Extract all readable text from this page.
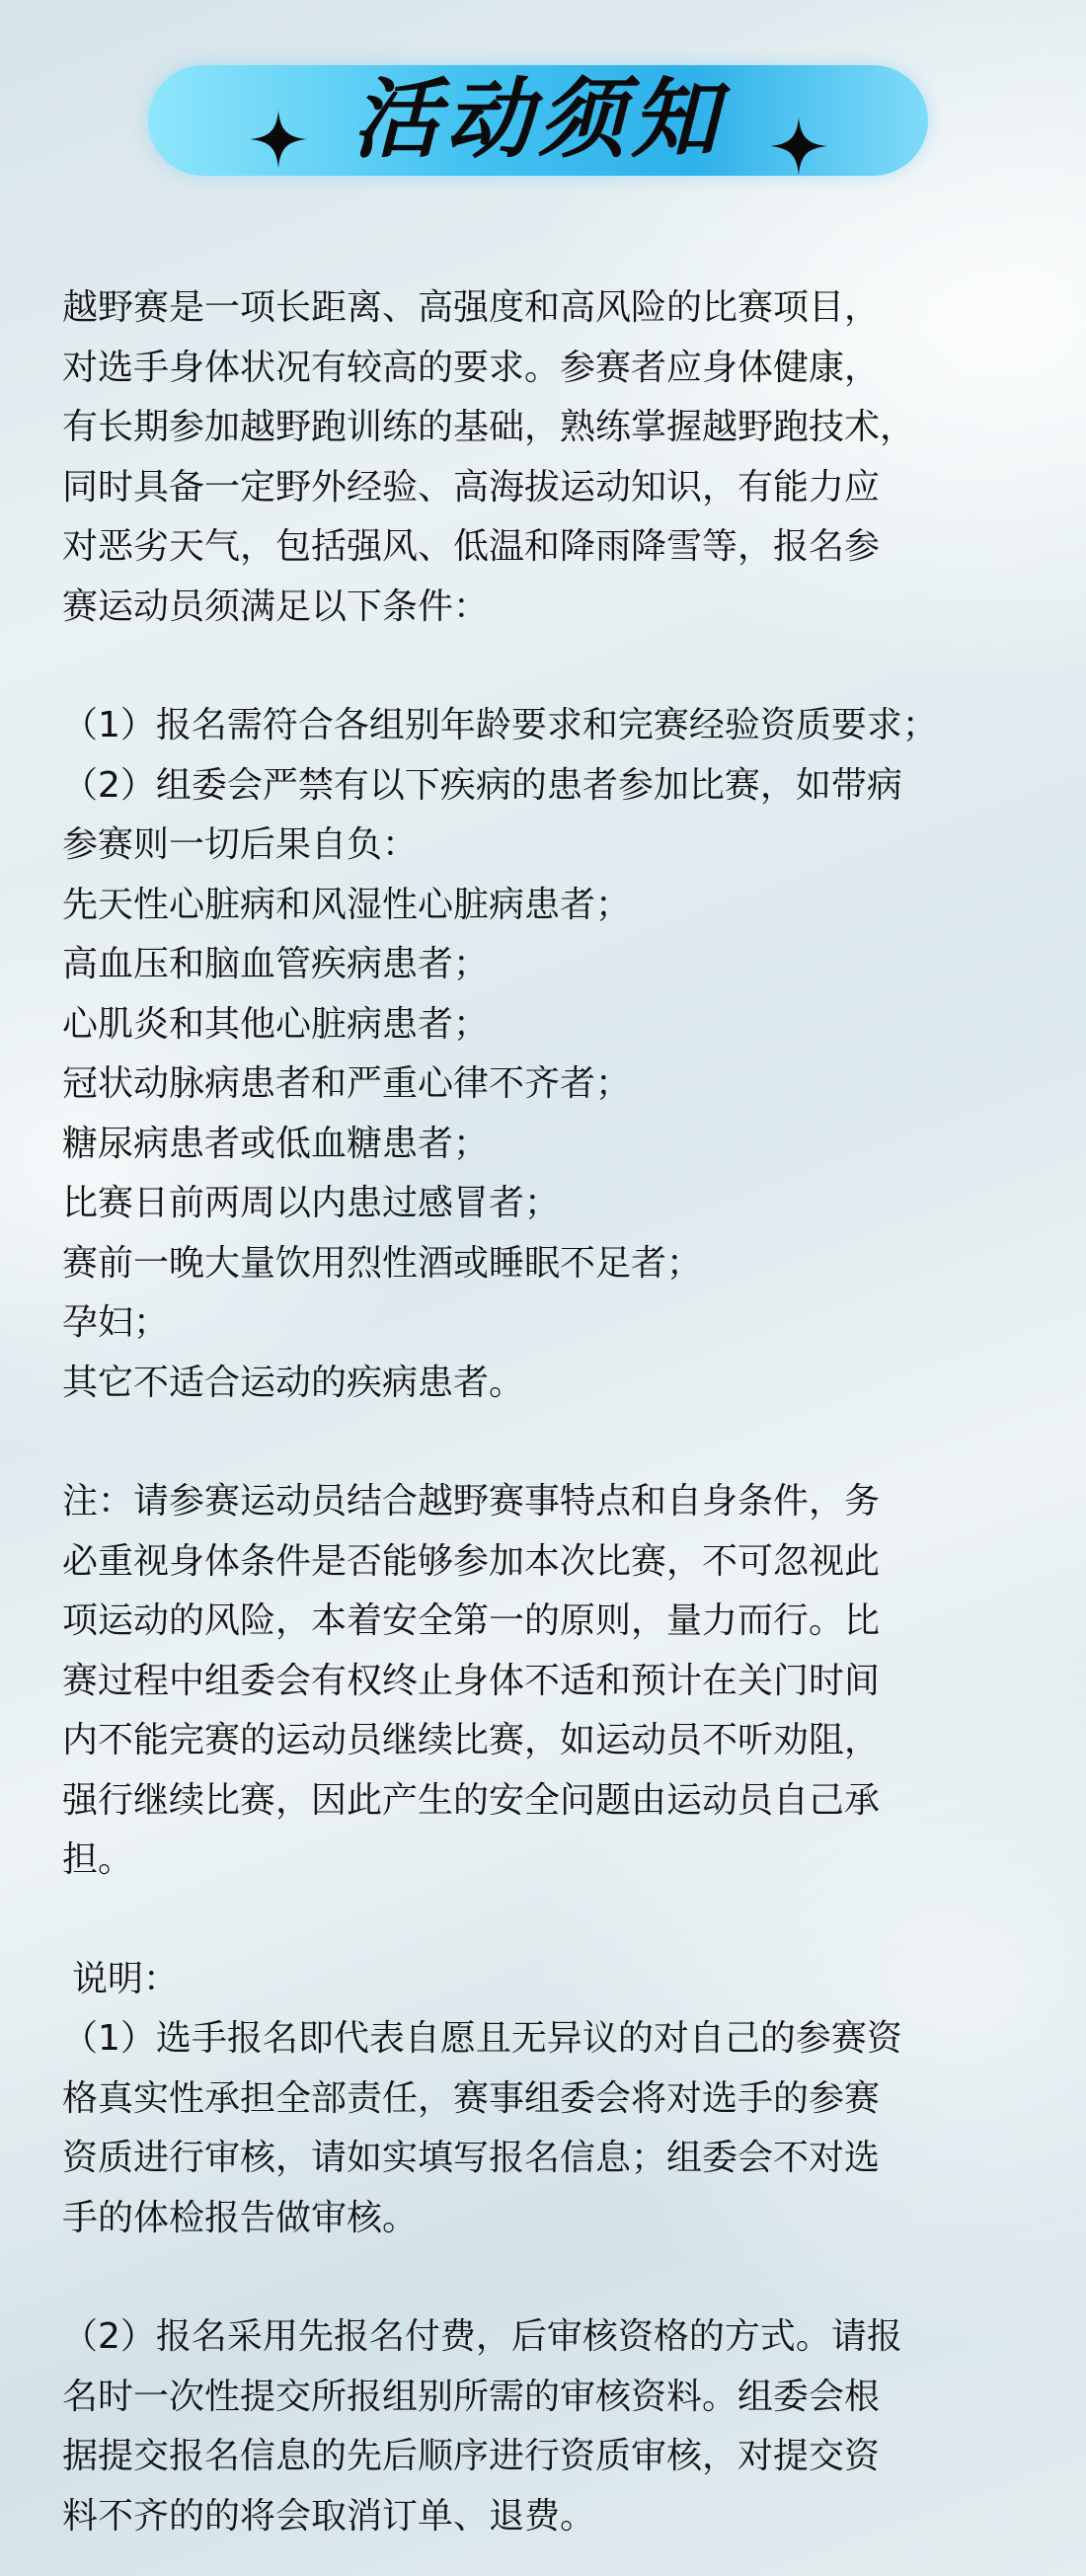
活动须知

越野赛是一项长距离、高强度和高风险的比赛项目，

对选手身体状况有较高的要求。参赛者应身体健康，

有长期参加越野跑训练的基础，熟练掌握越野跑技术，

同时具备一定野外经验、高海拔运动知识，有能力应

对恶劣天气，包括强风、低温和降雨降雪等，报名参

赛运动员须满足以下条件：

（1）报名需符合各组别年龄要求和完赛经验资质要求；

（2）组委会严禁有以下疾病的患者参加比赛，如带病

参赛则一切后果自负：

先天性心脏病和风湿性心脏病患者；

高血压和脑血管疾病患者；

心肌炎和其他心脏病患者；

冠状动脉病患者和严重心律不齐者；

糖尿病患者或低血糖患者；

比赛日前两周以内患过感冒者；

赛前一晚大量饮用烈性酒或睡眠不足者；

孕妇；

其它不适合运动的疾病患者。

注：请参赛运动员结合越野赛事特点和自身条件，务

必重视身体条件是否能够参加本次比赛，不可忽视此

项运动的风险，本着安全第一的原则，量力而行。比

赛过程中组委会有权终止身体不适和预计在关门时间

内不能完赛的运动员继续比赛，如运动员不听劝阻，

强行继续比赛，因此产生的安全问题由运动员自己承

担。

说明：

（1）选手报名即代表自愿且无异议的对自己的参赛资

格真实性承担全部责任，赛事组委会将对选手的参赛

资质进行审核，请如实填写报名信息；组委会不对选

手的体检报告做审核。

（2）报名采用先报名付费，后审核资格的方式。请报

名时一次性提交所报组别所需的审核资料。组委会根

据提交报名信息的先后顺序进行资质审核，对提交资

料不齐的的将会取消订单、退费。
